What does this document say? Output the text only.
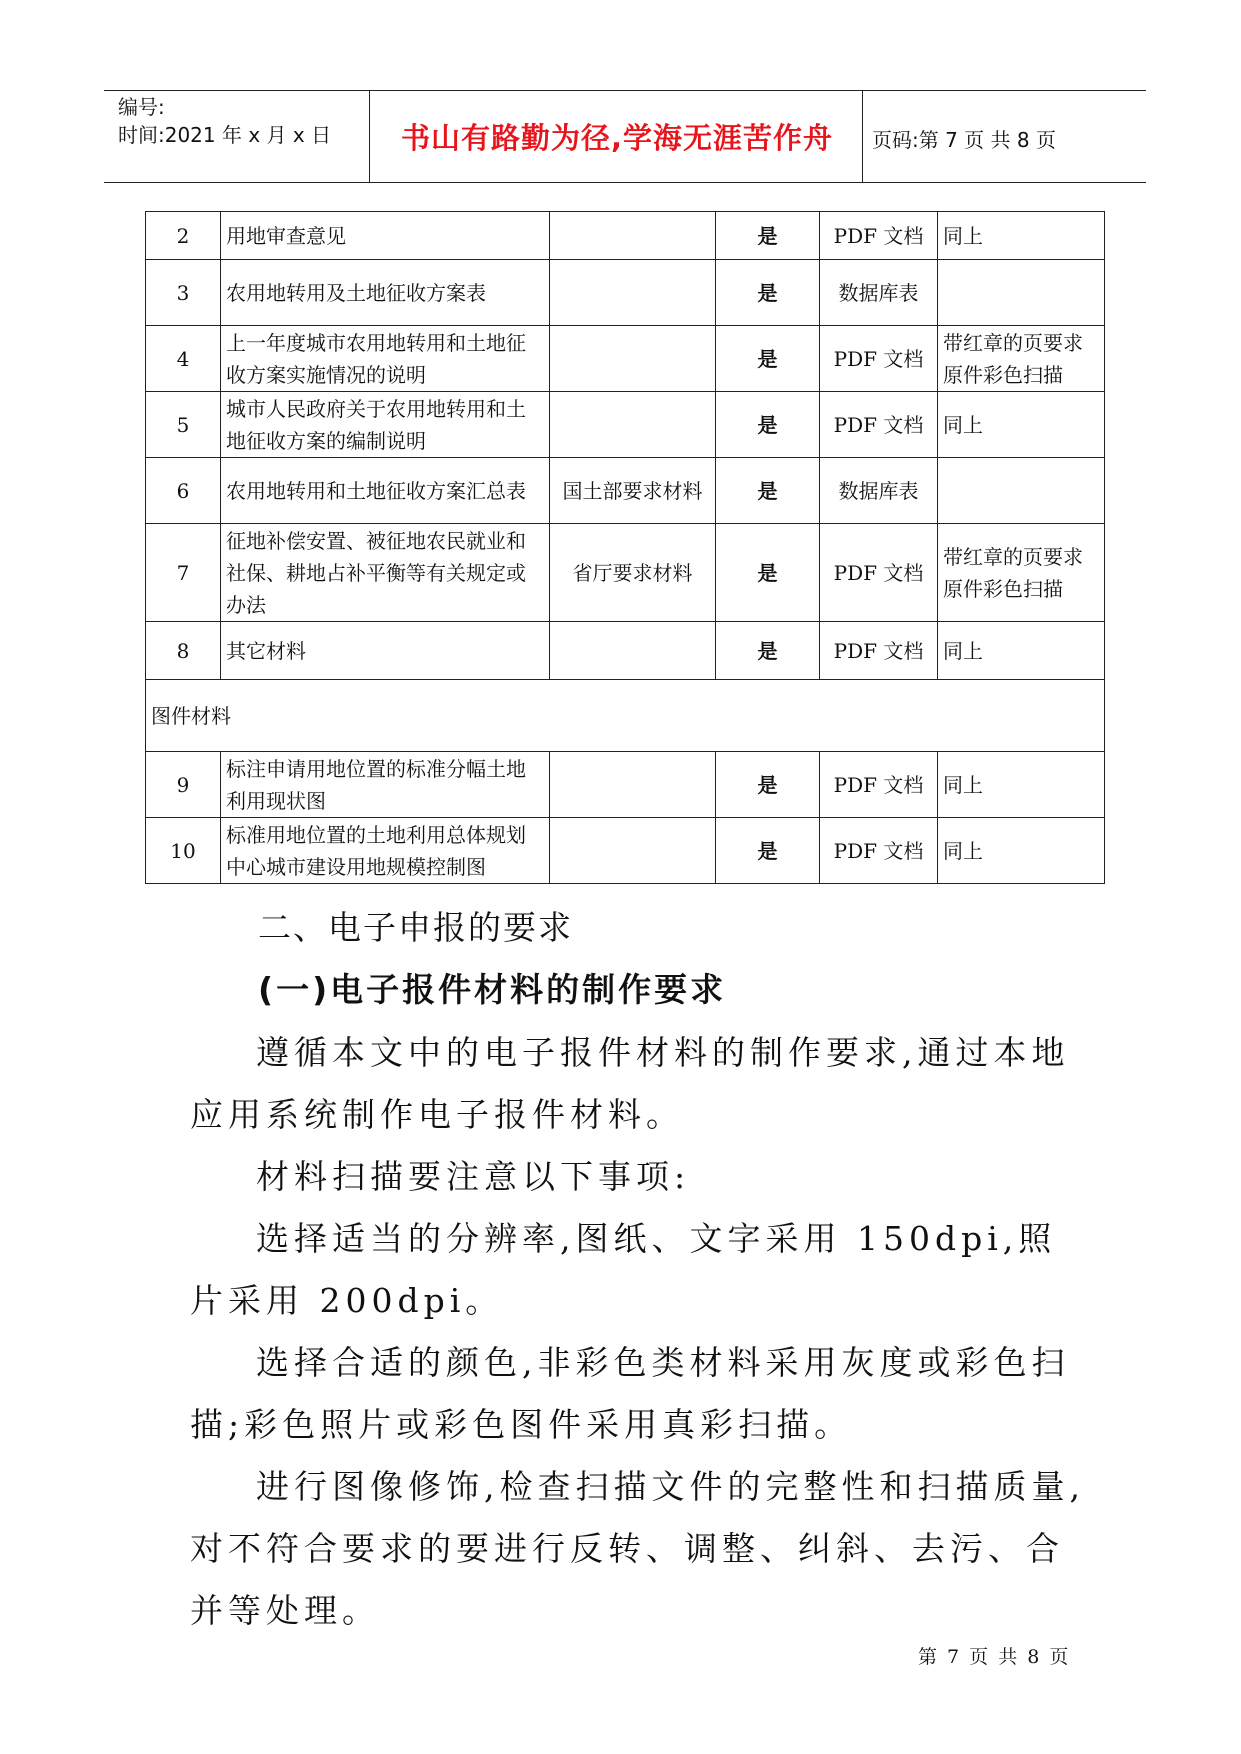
编号:
时间:2021 年 x 月 x 日	书山有路勤为径,学海无涯苦作舟	页码:第 7 页 共 8 页
2	用地审查意见		是	PDF 文档	同上
3	农用地转用及土地征收方案表		是	数据库表	
4	上一年度城市农用地转用和土地征收方案实施情况的说明		是	PDF 文档	带红章的页要求原件彩色扫描
5	城市人民政府关于农用地转用和土地征收方案的编制说明		是	PDF 文档	同上
6	农用地转用和土地征收方案汇总表	国土部要求材料	是	数据库表	
7	征地补偿安置、被征地农民就业和社保、耕地占补平衡等有关规定或办法	省厅要求材料	是	PDF 文档	带红章的页要求原件彩色扫描
8	其它材料		是	PDF 文档	同上
图件材料					
9	标注申请用地位置的标准分幅土地利用现状图		是	PDF 文档	同上
10	标准用地位置的土地利用总体规划中心城市建设用地规模控制图		是	PDF 文档	同上
二、电子申报的要求
(一)电子报件材料的制作要求
遵循本文中的电子报件材料的制作要求,通过本地应用系统制作电子报件材料。
材料扫描要注意以下事项:
选择适当的分辨率,图纸、文字采用 150dpi,照片采用 200dpi。
选择合适的颜色,非彩色类材料采用灰度或彩色扫描;彩色照片或彩色图件采用真彩扫描。
进行图像修饰,检查扫描文件的完整性和扫描质量,对不符合要求的要进行反转、调整、纠斜、去污、合并等处理。
第 7 页 共 8 页
